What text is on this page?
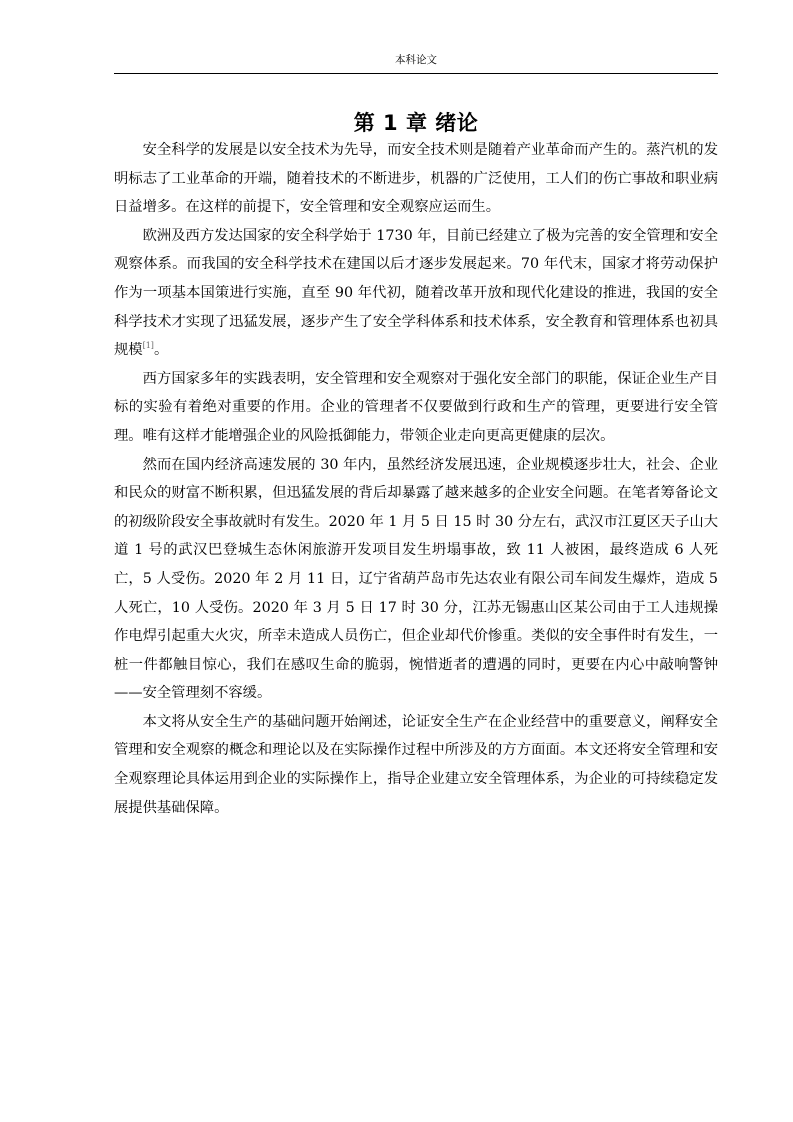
本科论文
第 1 章 绪论

安全科学的发展是以安全技术为先导，而安全技术则是随着产业革命而产生的。蒸汽机的发明标志了工业革命的开端，随着技术的不断进步，机器的广泛使用，工人们的伤亡事故和职业病日益增多。在这样的前提下，安全管理和安全观察应运而生。

欧洲及西方发达国家的安全科学始于 1730 年，目前已经建立了极为完善的安全管理和安全观察体系。而我国的安全科学技术在建国以后才逐步发展起来。70 年代末，国家才将劳动保护作为一项基本国策进行实施，直至 90 年代初，随着改革开放和现代化建设的推进，我国的安全科学技术才实现了迅猛发展，逐步产生了安全学科体系和技术体系，安全教育和管理体系也初具规模[1]。

西方国家多年的实践表明，安全管理和安全观察对于强化安全部门的职能，保证企业生产目标的实验有着绝对重要的作用。企业的管理者不仅要做到行政和生产的管理，更要进行安全管理。唯有这样才能增强企业的风险抵御能力，带领企业走向更高更健康的层次。

然而在国内经济高速发展的 30 年内，虽然经济发展迅速，企业规模逐步壮大，社会、企业和民众的财富不断积累，但迅猛发展的背后却暴露了越来越多的企业安全问题。在笔者筹备论文的初级阶段安全事故就时有发生。2020 年 1 月 5 日 15 时 30 分左右，武汉市江夏区天子山大道 1 号的武汉巴登城生态休闲旅游开发项目发生坍塌事故，致 11 人被困，最终造成 6 人死亡，5 人受伤。2020 年 2 月 11 日，辽宁省葫芦岛市先达农业有限公司车间发生爆炸，造成 5 人死亡，10 人受伤。2020 年 3 月 5 日 17 时 30 分，江苏无锡惠山区某公司由于工人违规操作电焊引起重大火灾，所幸未造成人员伤亡，但企业却代价惨重。类似的安全事件时有发生，一桩一件都触目惊心，我们在感叹生命的脆弱，惋惜逝者的遭遇的同时，更要在内心中敲响警钟——安全管理刻不容缓。

本文将从安全生产的基础问题开始阐述，论证安全生产在企业经营中的重要意义，阐释安全管理和安全观察的概念和理论以及在实际操作过程中所涉及的方方面面。本文还将安全管理和安全观察理论具体运用到企业的实际操作上，指导企业建立安全管理体系，为企业的可持续稳定发展提供基础保障。
